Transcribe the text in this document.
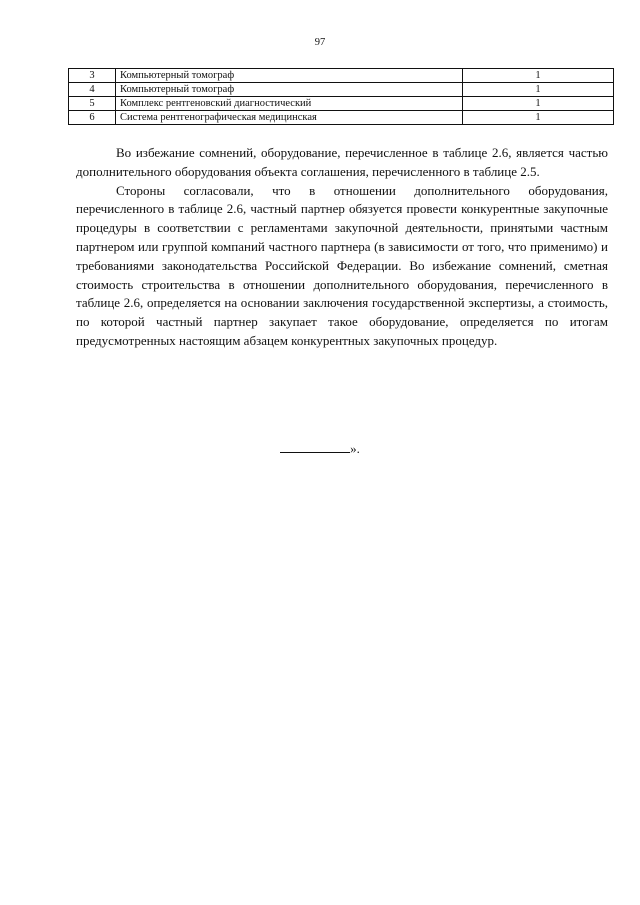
97
3	Компьютерный томограф	1
4	Компьютерный томограф	1
5	Комплекс рентгеновский диагностический	1
6	Система рентгенографическая медицинская	1

Во избежание сомнений, оборудование, перечисленное в таблице 2.6, является частью дополнительного оборудования объекта соглашения, перечисленного в таблице 2.5.

Стороны согласовали, что в отношении дополнительного оборудования, перечисленного в таблице 2.6, частный партнер обязуется провести конкурентные закупочные процедуры в соответствии с регламентами закупочной деятельности, принятыми частным партнером или группой компаний частного партнера (в зависимости от того, что применимо) и требованиями законодательства Российской Федерации. Во избежание сомнений, сметная стоимость строительства в отношении дополнительного оборудования, перечисленного в таблице 2.6, определяется на основании заключения государственной экспертизы, а стоимость, по которой частный партнер закупает такое оборудование, определяется по итогам предусмотренных настоящим абзацем конкурентных закупочных процедур.

».
